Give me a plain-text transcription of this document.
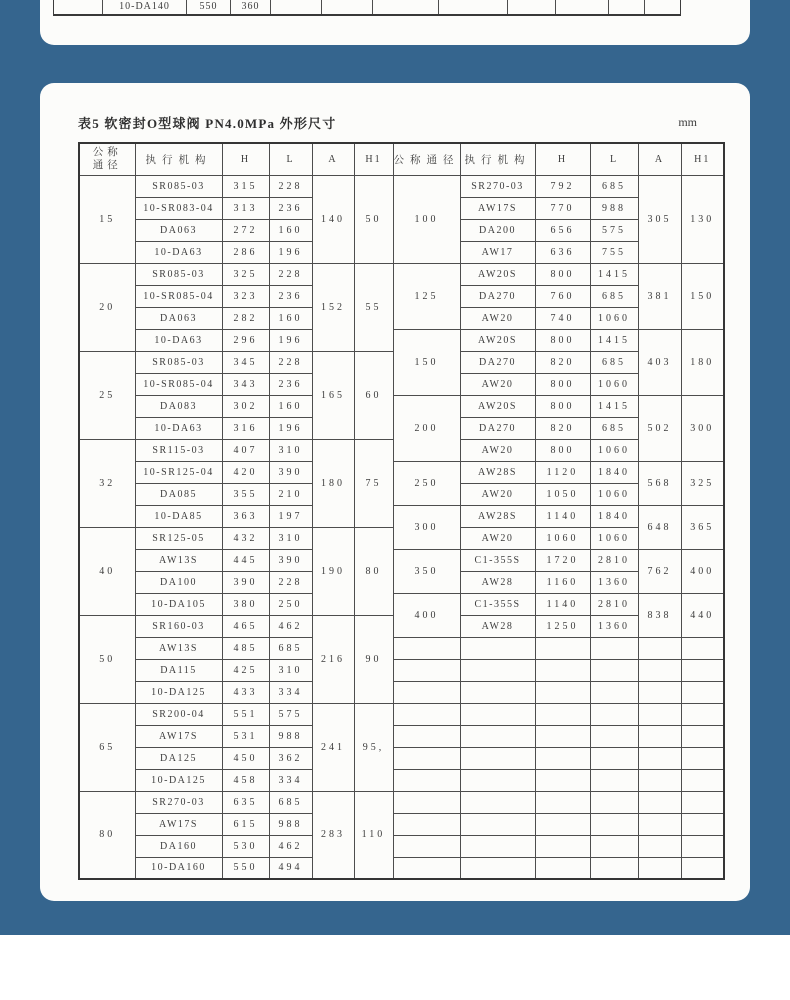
10-DA140	550	360
表5 软密封O型球阀 PN4.0MPa 外形尺寸	mm
公称
通径	执行机构	H	L	A	H1	公称通径	执行机构	H	L	A	H1
15	SR085-03	315	228	140	50	100	SR270-03	792	685	305	130
	10-SR083-04	313	236				AW17S	770	988		
	DA063	272	160				DA200	656	575		
	10-DA63	286	196				AW17	636	755		
20	SR085-03	325	228	152	55	125	AW20S	800	1415	381	150
	10-SR085-04	323	236				DA270	760	685		
	DA063	282	160				AW20	740	1060		
	10-DA63	296	196			150	AW20S	800	1415	403	180
25	SR085-03	345	228	165	60		DA270	820	685		
	10-SR085-04	343	236				AW20	800	1060		
	DA083	302	160			200	AW20S	800	1415	502	300
	10-DA63	316	196				DA270	820	685		
32	SR115-03	407	310	180	75		AW20	800	1060		
	10-SR125-04	420	390			250	AW28S	1120	1840	568	325
	DA085	355	210				AW20	1050	1060		
	10-DA85	363	197			300	AW28S	1140	1840	648	365
40	SR125-05	432	310	190	80		AW20	1060	1060		
	AW13S	445	390			350	C1-355S	1720	2810	762	400
	DA100	390	228				AW28	1160	1360		
	10-DA105	380	250			400	C1-355S	1140	2810	838	440
50	SR160-03	465	462	216	90		AW28	1250	1360		
	AW13S	485	685								
	DA115	425	310								
	10-DA125	433	334								
65	SR200-04	551	575	241	95,						
	AW17S	531	988								
	DA125	450	362								
	10-DA125	458	334								
80	SR270-03	635	685	283	110						
	AW17S	615	988								
	DA160	530	462								
	10-DA160	550	494								
